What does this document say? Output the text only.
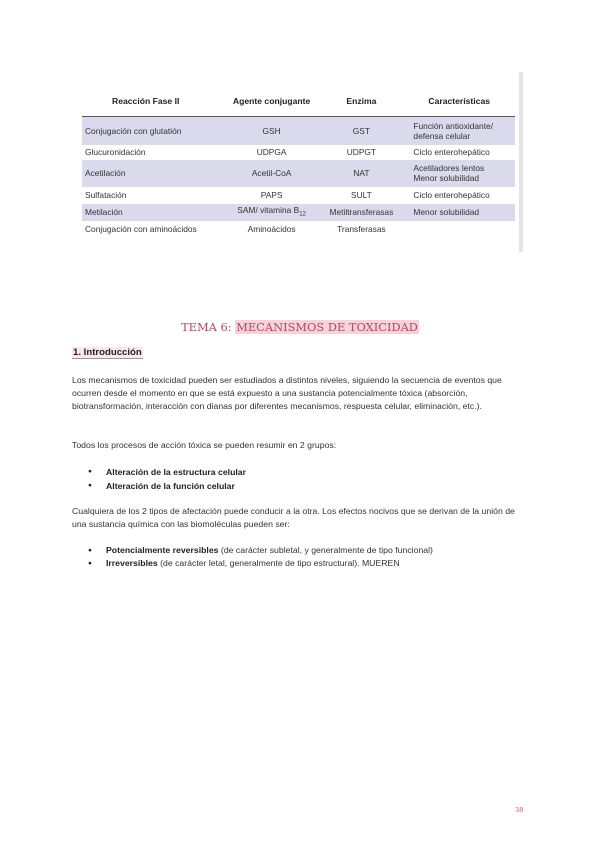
Reacción Fase II	Agente conjugante	Enzima	Características
Conjugación con glutatión	GSH	GST	Función antioxidante/
defensa celular
Glucuronidación	UDPGA	UDPGT	Ciclo enterohepático
Acetilación	Acetil-CoA	NAT	Acetiladores lentos
Menor solubilidad
Sulfatación	PAPS	SULT	Ciclo enterohepático
Metilación	SAM/ vitamina $B_{12}$	Metiltransferasas	Menor solubilidad
Conjugación con aminoácidos	Aminoácidos	Transferasas	
TEMA 6: MECANISMOS DE TOXICIDAD
1. Introducción
Los mecanismos de toxicidad pueden ser estudiados a distintos niveles, siguiendo la secuencia de eventos que ocurren desde el momento en que se está expuesto a una sustancia potencialmente tóxica (absorción, biotransformación, interacción con dianas por diferentes mecanismos, respuesta celular, eliminación, etc.).
Todos los procesos de acción tóxica se pueden resumir en 2 grupos:
● Alteración de la estructura celular
● Alteración de la función celular
Cualquiera de los 2 tipos de afectación puede conducir a la otra. Los efectos nocivos que se derivan de la unión de una sustancia química con las biomoléculas pueden ser:
● Potencialmente reversibles (de carácter subletal, y generalmente de tipo funcional)
● Irreversibles (de carácter letal, generalmente de tipo estructural). MUEREN
38
